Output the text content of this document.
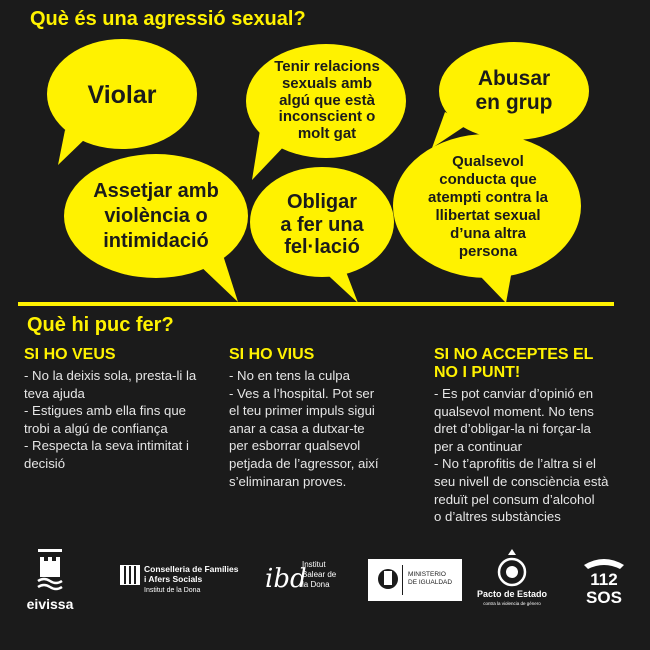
Què és una agressió sexual?
Violar
Tenir relacions
sexuals amb
algú que està
inconscient o
molt gat
Abusar
en grup
Assetjar amb
violència o
intimidació
Obligar
a fer una
fel·lació
Qualsevol
conducta que
atempti contra la
llibertat sexual
d’una altra
persona
Què hi puc fer?
SI HO VEUS
- No la deixis sola, presta-li la
teva ajuda
- Estigues amb ella fins que
trobi a algú de confiança
- Respecta la seva intimitat i
decisió
SI HO VIUS
- No en tens la culpa
- Ves a l’hospital. Pot ser
el teu primer impuls sigui
anar a casa a dutxar-te
per esborrar qualsevol
petjada de l’agressor, així
s’eliminaran proves.
SI NO ACCEPTES EL
NO I PUNT!
- Es pot canviar d’opinió en
qualsevol moment. No tens
dret d’obligar-la ni forçar-la
per a continuar
- No t’aprofitis de l’altra si el
seu nivell de consciència està
reduït pel consum d’alcohol
o d’altres substàncies
eivissa
Conselleria de Famílies
i Afers Socials
Institut de la Dona ibd
Institut
Balear de
la Dona
MINISTERIO
DE IGUALDAD
Pacto de Estado
contra la violencia de género
112
SOS
